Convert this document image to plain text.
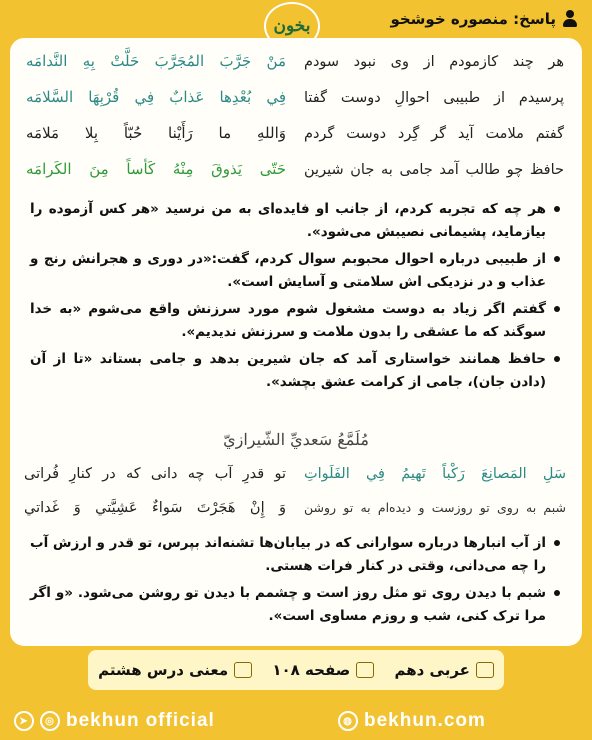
پاسخ: منصوره خوشخو
بخون
هر چند کازمودم از وی نبود سودم
مَنْ جَرَّبَ المُجَرَّبَ حَلَّتْ بِهِ النَّدامَه
پرسیدم از طبیبی احوالِ دوست گفتا
فِي بُعْدِها عَذابٌ فِي قُرْبِهَا السَّلامَه
گفتم ملامت آید گر گِرد دوست گردم
وَاللهِ ما رَأَيْنا حُبّاً بِلا مَلامَه
حافظ چو طالب آمد جامی به جان شیرین
حَتّى يَذوقَ مِنْهُ كَأساً مِنَ الكَرامَه
هر چه که تجربه کردم، از جانب او فایده‌ای به من نرسید «هر کس آزموده را بیازماید، پشیمانی نصیبش می‌شود».
از طبیبی درباره احوال محبوبم سوال کردم، گفت:«در دوری و هجرانش رنج و عذاب و در نزدیکی اش سلامتی و آسایش است».
گفتم اگر زیاد به دوست مشغول شوم مورد سرزنش واقع می‌شوم «به خدا سوگند که ما عشقی را بدون ملامت و سرزنش ندیدیم».
حافظ همانند خواستاری آمد که جان شیرین بدهد و جامی بستاند «تا از آن (دادن جان)، جامی از کرامت عشق بچشد».
مُلَمَّعُ سَعديِّ الشّيرازيّ
سَلِ المَصانِعَ رَكْباً تَهيمُ فِي الفَلَواتِ
تو قدرِ آب چه دانی که در کنارِ فُراتی
شبم به روی تو روزست و دیده‌ام به تو روشن
وَ إِنْ هَجَرْتَ سَواءٌ عَشِيَّتي وَ غَداتي
از آب انبارها درباره سوارانی که در بیابان‌ها تشنه‌اند بپرس، تو قدر و ارزش آب را چه می‌دانی، وقتی در کنار فرات هستی.
شبم با دیدن روی تو مثل روز است و چشمم با دیدن تو روشن می‌شود. «و اگر مرا ترک کنی، شب و روزم مساوی است».
عربی دهم
صفحه ۱۰۸
معنی درس هشتم
➤	◎ bekhun official	◍ bekhun.com
